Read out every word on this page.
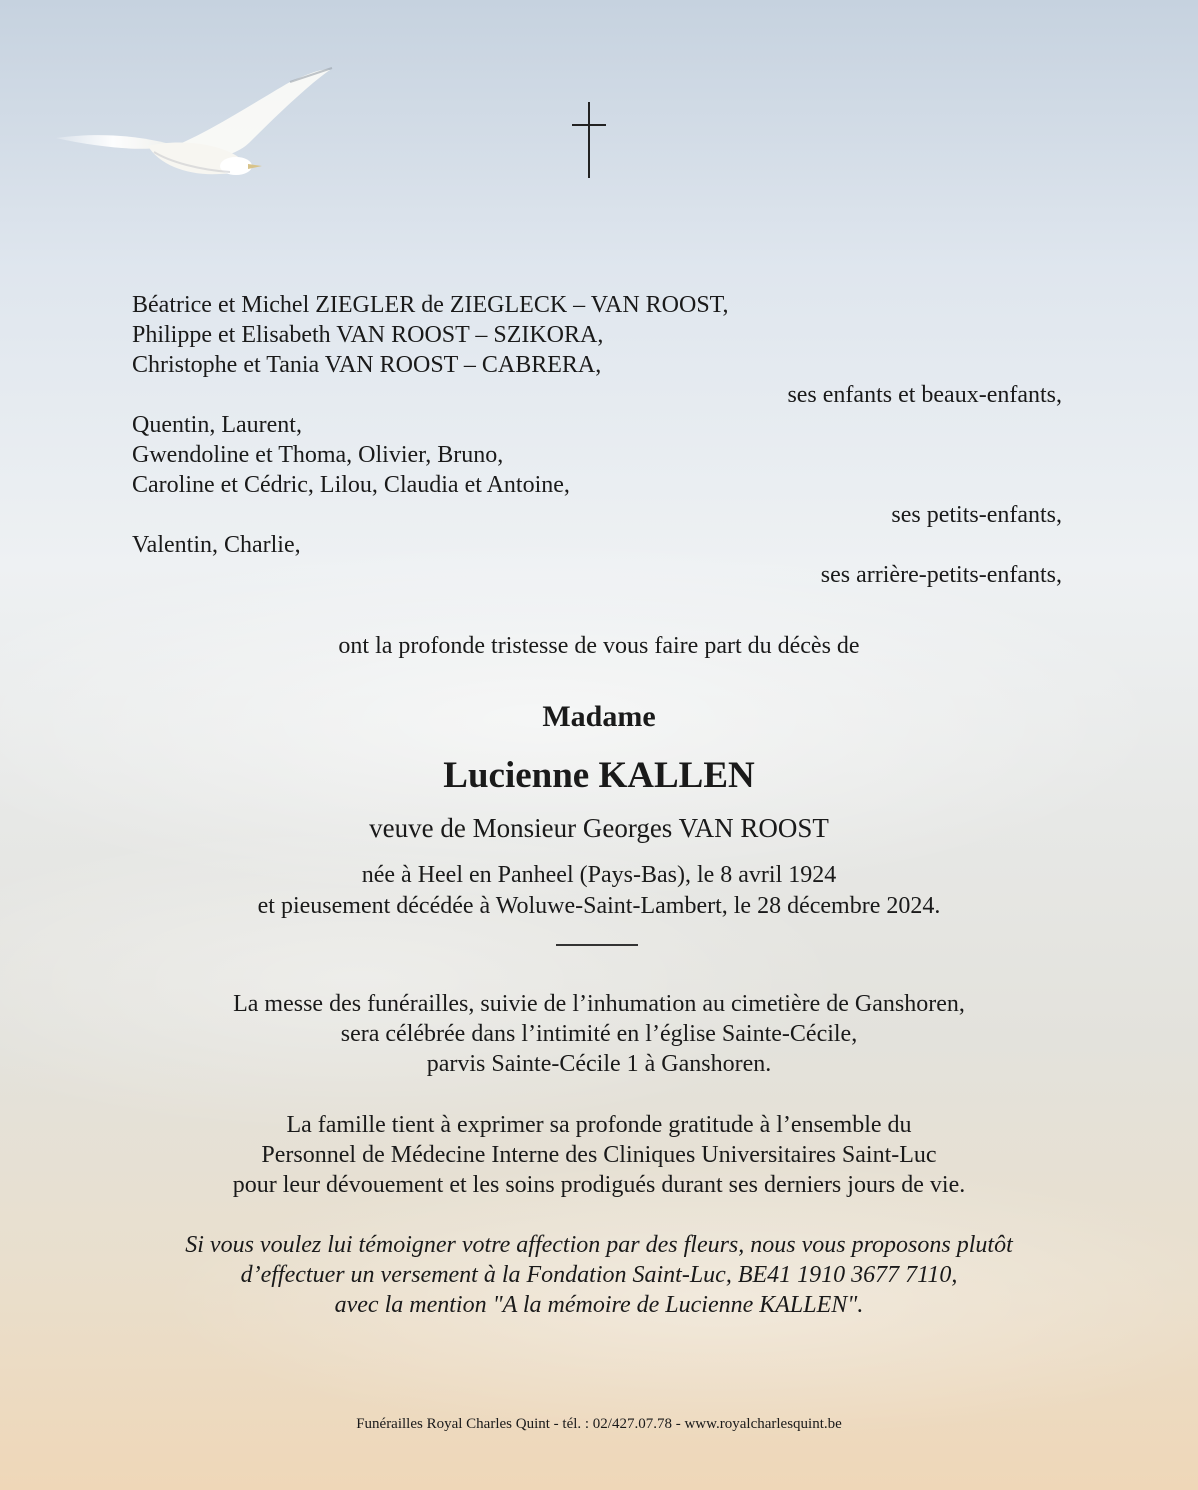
Béatrice et Michel ZIEGLER de ZIEGLECK – VAN ROOST,
Philippe et Elisabeth VAN ROOST – SZIKORA,
Christophe et Tania VAN ROOST – CABRERA,
ses enfants et beaux-enfants,
Quentin, Laurent,
Gwendoline et Thoma, Olivier, Bruno,
Caroline et Cédric, Lilou, Claudia et Antoine,
ses petits-enfants,
Valentin, Charlie,
ses arrière-petits-enfants,
ont la profonde tristesse de vous faire part du décès de
Madame
Lucienne KALLEN
veuve de Monsieur Georges VAN ROOST
née à Heel en Panheel (Pays-Bas), le 8 avril 1924
et pieusement décédée à Woluwe-Saint-Lambert, le 28 décembre 2024.
La messe des funérailles, suivie de l’inhumation au cimetière de Ganshoren,
sera célébrée dans l’intimité en l’église Sainte-Cécile,
parvis Sainte-Cécile 1 à Ganshoren.
La famille tient à exprimer sa profonde gratitude à l’ensemble du
Personnel de Médecine Interne des Cliniques Universitaires Saint-Luc
pour leur dévouement et les soins prodigués durant ses derniers jours de vie.
Si vous voulez lui témoigner votre affection par des fleurs, nous vous proposons plutôt
d’effectuer un versement à la Fondation Saint-Luc, BE41 1910 3677 7110,
avec la mention "A la mémoire de Lucienne KALLEN".
Funérailles Royal Charles Quint - tél. : 02/427.07.78 - www.royalcharlesquint.be
